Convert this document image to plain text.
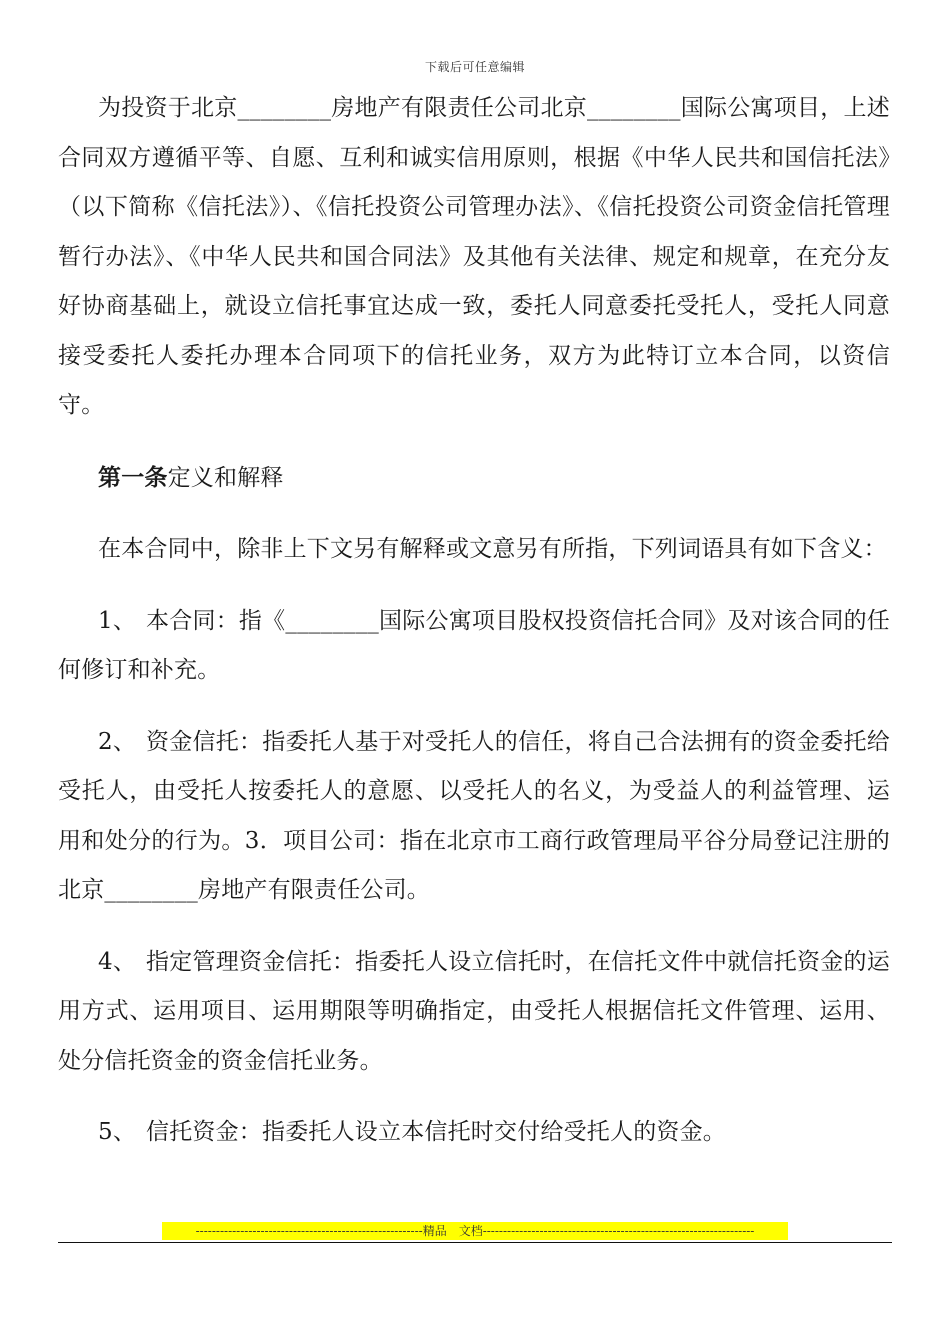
下载后可任意编辑

为投资于北京________房地产有限责任公司北京________国际公寓项目，上述合同双方遵循平等、自愿、互利和诚实信用原则，根据《中华人民共和国信托法》（以下简称《信托法》）、《信托投资公司管理办法》、《信托投资公司资金信托管理暂行办法》、《中华人民共和国合同法》及其他有关法律、规定和规章，在充分友好协商基础上，就设立信托事宜达成一致，委托人同意委托受托人，受托人同意接受委托人委托办理本合同项下的信托业务，双方为此特订立本合同，以资信守。

第一条定义和解释

在本合同中，除非上下文另有解释或文意另有所指，下列词语具有如下含义：

1、 本合同：指《________国际公寓项目股权投资信托合同》及对该合同的任何修订和补充。

2、 资金信托：指委托人基于对受托人的信任，将自己合法拥有的资金委托给受托人，由受托人按委托人的意愿、以受托人的名义，为受益人的利益管理、运用和处分的行为。3．项目公司：指在北京市工商行政管理局平谷分局登记注册的北京________房地产有限责任公司。

4、 指定管理资金信托：指委托人设立信托时，在信托文件中就信托资金的运用方式、运用项目、运用期限等明确指定，由受托人根据信托文件管理、运用、处分信托资金的资金信托业务。

5、 信托资金：指委托人设立本信托时交付给受托人的资金。

--------------------------------------------------------精品　文档-------------------------------------------------------------------
